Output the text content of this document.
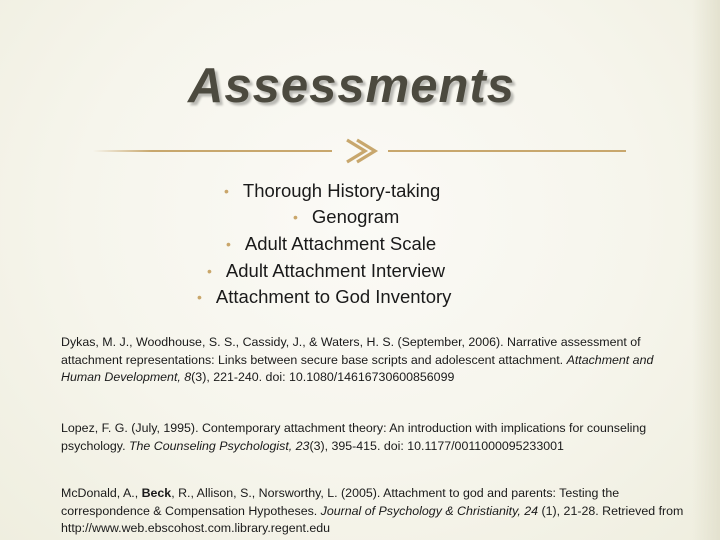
Assessments
• Thorough History-taking
• Genogram
• Adult Attachment Scale
• Adult Attachment Interview
• Attachment to God Inventory

Dykas, M. J., Woodhouse, S. S., Cassidy, J., & Waters, H. S. (September, 2006). Narrative assessment of attachment representations: Links between secure base scripts and adolescent attachment. Attachment and Human Development, 8(3), 221-240. doi: 10.1080/14616730600856099

Lopez, F. G. (July, 1995). Contemporary attachment theory: An introduction with implications for counseling psychology. The Counseling Psychologist, 23(3), 395-415. doi: 10.1177/0011000095233001

McDonald, A., Beck, R., Allison, S., Norsworthy, L. (2005). Attachment to god and parents: Testing the correspondence & Compensation Hypotheses. Journal of Psychology & Christianity, 24 (1), 21-28. Retrieved from http://www.web.ebscohost.com.library.regent.edu
